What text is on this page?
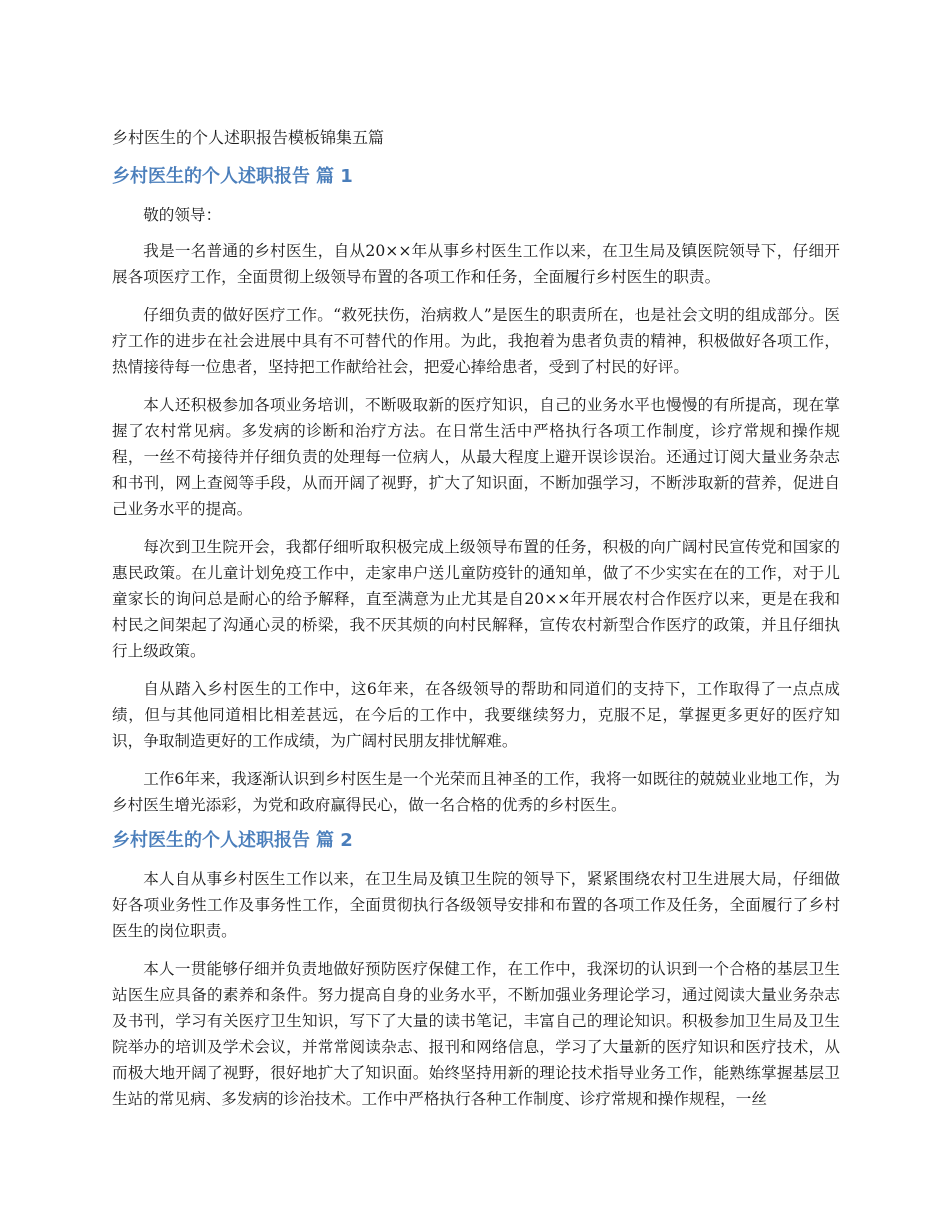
乡村医生的个人述职报告模板锦集五篇
乡村医生的个人述职报告 篇 1

敬的领导：

我是一名普通的乡村医生，自从20××年从事乡村医生工作以来，在卫生局及镇医院领导下，仔细开展各项医疗工作，全面贯彻上级领导布置的各项工作和任务，全面履行乡村医生的职责。

仔细负责的做好医疗工作。“救死扶伤，治病救人”是医生的职责所在，也是社会文明的组成部分。医疗工作的进步在社会进展中具有不可替代的作用。为此，我抱着为患者负责的精神，积极做好各项工作，热情接待每一位患者，坚持把工作献给社会，把爱心捧给患者，受到了村民的好评。

本人还积极参加各项业务培训，不断吸取新的医疗知识，自己的业务水平也慢慢的有所提高，现在掌握了农村常见病。多发病的诊断和治疗方法。在日常生活中严格执行各项工作制度，诊疗常规和操作规程，一丝不苟接待并仔细负责的处理每一位病人，从最大程度上避开误诊误治。还通过订阅大量业务杂志和书刊，网上查阅等手段，从而开阔了视野，扩大了知识面，不断加强学习，不断涉取新的营养，促进自己业务水平的提高。

每次到卫生院开会，我都仔细听取积极完成上级领导布置的任务，积极的向广阔村民宣传党和国家的惠民政策。在儿童计划免疫工作中，走家串户送儿童防疫针的通知单，做了不少实实在在的工作，对于儿童家长的询问总是耐心的给予解释，直至满意为止尤其是自20××年开展农村合作医疗以来，更是在我和村民之间架起了沟通心灵的桥梁，我不厌其烦的向村民解释，宣传农村新型合作医疗的政策，并且仔细执行上级政策。

自从踏入乡村医生的工作中，这6年来，在各级领导的帮助和同道们的支持下，工作取得了一点点成绩，但与其他同道相比相差甚远，在今后的工作中，我要继续努力，克服不足，掌握更多更好的医疗知识，争取制造更好的工作成绩，为广阔村民朋友排忧解难。

工作6年来，我逐渐认识到乡村医生是一个光荣而且神圣的工作，我将一如既往的兢兢业业地工作，为乡村医生增光添彩，为党和政府赢得民心，做一名合格的优秀的乡村医生。

乡村医生的个人述职报告 篇 2

本人自从事乡村医生工作以来，在卫生局及镇卫生院的领导下，紧紧围绕农村卫生进展大局，仔细做好各项业务性工作及事务性工作，全面贯彻执行各级领导安排和布置的各项工作及任务，全面履行了乡村医生的岗位职责。

本人一贯能够仔细并负责地做好预防医疗保健工作，在工作中，我深切的认识到一个合格的基层卫生站医生应具备的素养和条件。努力提高自身的业务水平，不断加强业务理论学习，通过阅读大量业务杂志及书刊，学习有关医疗卫生知识，写下了大量的读书笔记，丰富自己的理论知识。积极参加卫生局及卫生院举办的培训及学术会议，并常常阅读杂志、报刊和网络信息，学习了大量新的医疗知识和医疗技术，从而极大地开阔了视野，很好地扩大了知识面。始终坚持用新的理论技术指导业务工作，能熟练掌握基层卫生站的常见病、多发病的诊治技术。工作中严格执行各种工作制度、诊疗常规和操作规程，一丝
